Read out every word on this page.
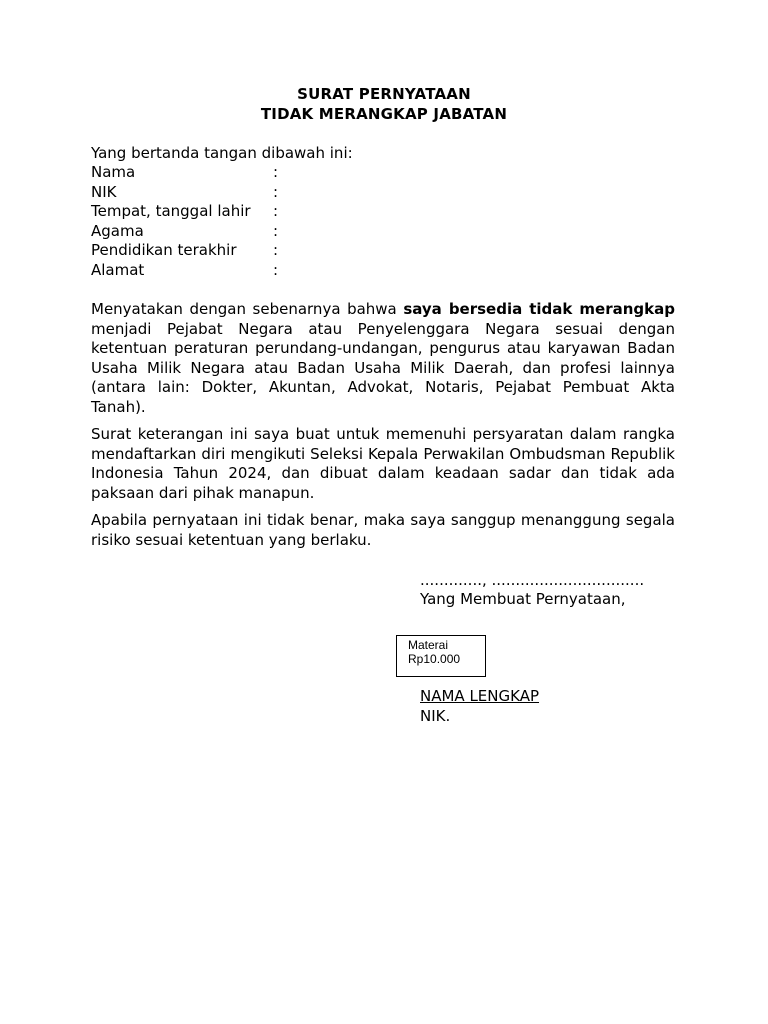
SURAT PERNYATAAN
TIDAK MERANGKAP JABATAN
Yang bertanda tangan dibawah ini:
Nama	:
NIK	:
Tempat, tanggal lahir :
Agama	:
Pendidikan terakhir :
Alamat	:

Menyatakan dengan sebenarnya bahwa saya bersedia tidak merangkap menjadi Pejabat Negara atau Penyelenggara Negara sesuai dengan ketentuan peraturan perundang-undangan, pengurus atau karyawan Badan Usaha Milik Negara atau Badan Usaha Milik Daerah, dan profesi lainnya (antara lain: Dokter, Akuntan, Advokat, Notaris, Pejabat Pembuat Akta Tanah).

Surat keterangan ini saya buat untuk memenuhi persyaratan dalam rangka mendaftarkan diri mengikuti Seleksi Kepala Perwakilan Ombudsman Republik Indonesia Tahun 2024, dan dibuat dalam keadaan sadar dan tidak ada paksaan dari pihak manapun.

Apabila pernyataan ini tidak benar, maka saya sanggup menanggung segala risiko sesuai ketentuan yang berlaku.

............., ................................
Yang Membuat Pernyataan,
Materai
Rp10.000
NAMA LENGKAP
NIK.
